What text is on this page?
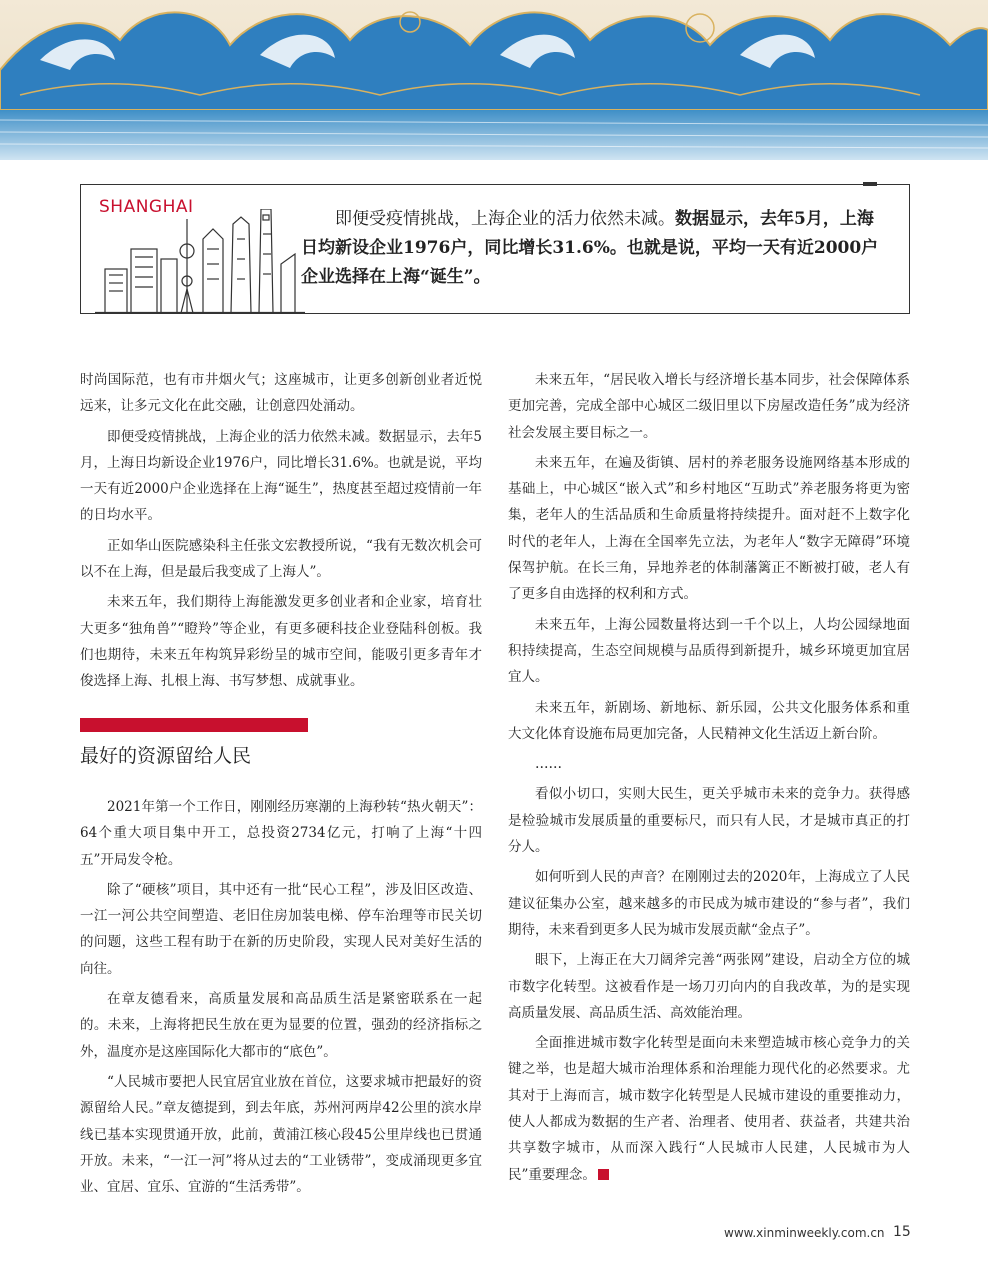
SHANGHAI
即便受疫情挑战，上海企业的活力依然未减。数据显示，去年5月，上海日均新设企业1976户，同比增长31.6%。也就是说，平均一天有近2000户企业选择在上海“诞生”。

时尚国际范，也有市井烟火气；这座城市，让更多创新创业者近悦远来，让多元文化在此交融，让创意四处涌动。

即便受疫情挑战，上海企业的活力依然未减。数据显示，去年5月，上海日均新设企业1976户，同比增长31.6%。也就是说，平均一天有近2000户企业选择在上海“诞生”，热度甚至超过疫情前一年的日均水平。

正如华山医院感染科主任张文宏教授所说，“我有无数次机会可以不在上海，但是最后我变成了上海人”。

未来五年，我们期待上海能激发更多创业者和企业家，培育壮大更多“独角兽”“瞪羚”等企业，有更多硬科技企业登陆科创板。我们也期待，未来五年构筑异彩纷呈的城市空间，能吸引更多青年才俊选择上海、扎根上海、书写梦想、成就事业。

最好的资源留给人民

2021年第一个工作日，刚刚经历寒潮的上海秒转“热火朝天”：64个重大项目集中开工，总投资2734亿元，打响了上海“十四五”开局发令枪。

除了“硬核”项目，其中还有一批“民心工程”，涉及旧区改造、一江一河公共空间塑造、老旧住房加装电梯、停车治理等市民关切的问题，这些工程有助于在新的历史阶段，实现人民对美好生活的向往。

在章友德看来，高质量发展和高品质生活是紧密联系在一起的。未来，上海将把民生放在更为显要的位置，强劲的经济指标之外，温度亦是这座国际化大都市的“底色”。

“人民城市要把人民宜居宜业放在首位，这要求城市把最好的资源留给人民。”章友德提到，到去年底，苏州河两岸42公里的滨水岸线已基本实现贯通开放，此前，黄浦江核心段45公里岸线也已贯通开放。未来，“一江一河”将从过去的“工业锈带”，变成涌现更多宜业、宜居、宜乐、宜游的“生活秀带”。

未来五年，“居民收入增长与经济增长基本同步，社会保障体系更加完善，完成全部中心城区二级旧里以下房屋改造任务”成为经济社会发展主要目标之一。

未来五年，在遍及街镇、居村的养老服务设施网络基本形成的基础上，中心城区“嵌入式”和乡村地区“互助式”养老服务将更为密集，老年人的生活品质和生命质量将持续提升。面对赶不上数字化时代的老年人，上海在全国率先立法，为老年人“数字无障碍”环境保驾护航。在长三角，异地养老的体制藩篱正不断被打破，老人有了更多自由选择的权利和方式。

未来五年，上海公园数量将达到一千个以上，人均公园绿地面积持续提高，生态空间规模与品质得到新提升，城乡环境更加宜居宜人。

未来五年，新剧场、新地标、新乐园，公共文化服务体系和重大文化体育设施布局更加完备，人民精神文化生活迈上新台阶。

……

看似小切口，实则大民生，更关乎城市未来的竞争力。获得感是检验城市发展质量的重要标尺，而只有人民，才是城市真正的打分人。

如何听到人民的声音？在刚刚过去的2020年，上海成立了人民建议征集办公室，越来越多的市民成为城市建设的“参与者”，我们期待，未来看到更多人民为城市发展贡献“金点子”。

眼下，上海正在大刀阔斧完善“两张网”建设，启动全方位的城市数字化转型。这被看作是一场刀刃向内的自我改革，为的是实现高质量发展、高品质生活、高效能治理。

全面推进城市数字化转型是面向未来塑造城市核心竞争力的关键之举，也是超大城市治理体系和治理能力现代化的必然要求。尤其对于上海而言，城市数字化转型是人民城市建设的重要推动力，使人人都成为数据的生产者、治理者、使用者、获益者，共建共治共享数字城市，从而深入践行“人民城市人民建，人民城市为人民”重要理念。

www.xinminweekly.com.cn 15
